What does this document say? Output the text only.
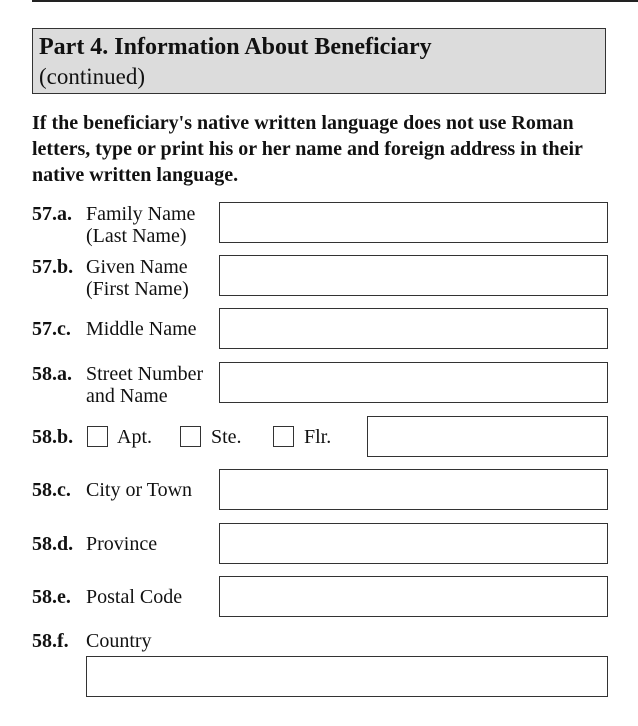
Part 4. Information About Beneficiary
(continued)
If the beneficiary's native written language does not use Roman letters, type or print his or her name and foreign address in their native written language.
57.a. Family Name
(Last Name)
57.b. Given Name
(First Name)
57.c. Middle Name
58.a. Street Number
and Name
58.b. Apt.	Ste.	Flr.
58.c. City or Town
58.d. Province
58.e. Postal Code
58.f. Country
